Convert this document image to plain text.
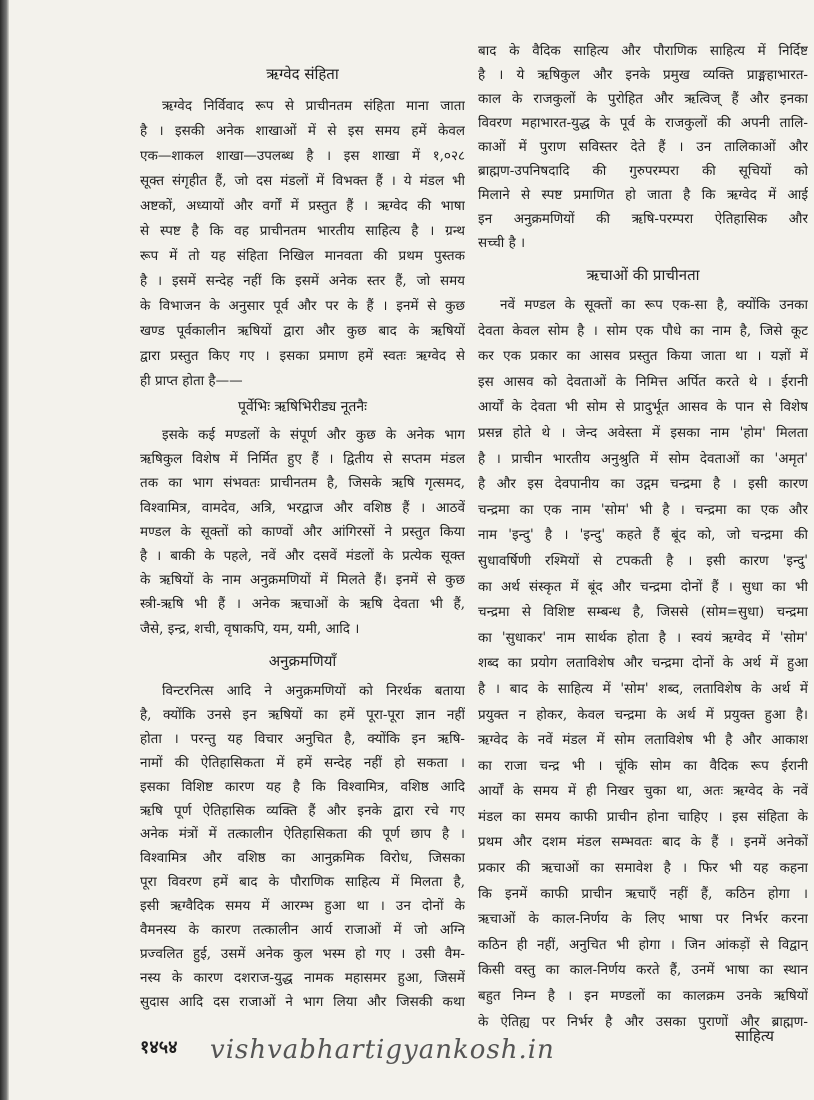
ऋग्वेद संहिता
ऋग्वेद निर्विवाद रूप से प्राचीनतम संहिता माना जाता
है । इसकी अनेक शाखाओं में से इस समय हमें केवल
एक—शाकल शाखा—उपलब्ध है । इस शाखा में १,०२८
सूक्त संगृहीत हैं, जो दस मंडलों में विभक्त हैं । ये मंडल भी
अष्टकों, अध्यायों और वर्गों में प्रस्तुत हैं । ऋग्वेद की भाषा
से स्पष्ट है कि वह प्राचीनतम भारतीय साहित्य है । ग्रन्थ
रूप में तो यह संहिता निखिल मानवता की प्रथम पुस्तक
है । इसमें सन्देह नहीं कि इसमें अनेक स्तर हैं, जो समय
के विभाजन के अनुसार पूर्व और पर के हैं । इनमें से कुछ
खण्ड पूर्वकालीन ऋषियों द्वारा और कुछ बाद के ऋषियों
द्वारा प्रस्तुत किए गए । इसका प्रमाण हमें स्वतः ऋग्वेद से
ही प्राप्त होता है——
पूर्वेभिः ऋषिभिरीड्य नूतनैः
इसके कई मण्डलों के संपूर्ण और कुछ के अनेक भाग
ऋषिकुल विशेष में निर्मित हुए हैं । द्वितीय से सप्तम मंडल
तक का भाग संभवतः प्राचीनतम है, जिसके ऋषि गृत्समद,
विश्वामित्र, वामदेव, अत्रि, भरद्वाज और वशिष्ठ हैं । आठवें
मण्डल के सूक्तों को काण्वों और आंगिरसों ने प्रस्तुत किया
है । बाकी के पहले, नवें और दसवें मंडलों के प्रत्येक सूक्त
के ऋषियों के नाम अनुक्रमणियों में मिलते हैं। इनमें से कुछ
स्त्री-ऋषि भी हैं । अनेक ऋचाओं के ऋषि देवता भी हैं,
जैसे, इन्द्र, शची, वृषाकपि, यम, यमी, आदि ।
अनुक्रमणियाँ
विन्टरनित्स आदि ने अनुक्रमणियों को निरर्थक बताया
है, क्योंकि उनसे इन ऋषियों का हमें पूरा-पूरा ज्ञान नहीं
होता । परन्तु यह विचार अनुचित है, क्योंकि इन ऋषि-
नामों की ऐतिहासिकता में हमें सन्देह नहीं हो सकता ।
इसका विशिष्ट कारण यह है कि विश्वामित्र, वशिष्ठ आदि
ऋषि पूर्ण ऐतिहासिक व्यक्ति हैं और इनके द्वारा रचे गए
अनेक मंत्रों में तत्कालीन ऐतिहासिकता की पूर्ण छाप है ।
विश्वामित्र और वशिष्ठ का आनुक्रमिक विरोध, जिसका
पूरा विवरण हमें बाद के पौराणिक साहित्य में मिलता है,
इसी ऋग्वैदिक समय में आरम्भ हुआ था । उन दोनों के
वैमनस्य के कारण तत्कालीन आर्य राजाओं में जो अग्नि
प्रज्वलित हुई, उसमें अनेक कुल भस्म हो गए । उसी वैम-
नस्य के कारण दशराज-युद्ध नामक महासमर हुआ, जिसमें
सुदास आदि दस राजाओं ने भाग लिया और जिसकी कथा
बाद के वैदिक साहित्य और पौराणिक साहित्य में निर्दिष्ट
है । ये ऋषिकुल और इनके प्रमुख व्यक्ति प्राङ्महाभारत-
काल के राजकुलों के पुरोहित और ऋत्विज् हैं और इनका
विवरण महाभारत-युद्ध के पूर्व के राजकुलों की अपनी तालि-
काओं में पुराण सविस्तर देते हैं । उन तालिकाओं और
ब्राह्मण-उपनिषदादि की गुरुपरम्परा की सूचियों को
मिलाने से स्पष्ट प्रमाणित हो जाता है कि ऋग्वेद में आई
इन अनुक्रमणियों की ऋषि-परम्परा ऐतिहासिक और
सच्ची है ।
ऋचाओं की प्राचीनता
नवें मण्डल के सूक्तों का रूप एक-सा है, क्योंकि उनका
देवता केवल सोम है । सोम एक पौधे का नाम है, जिसे कूट
कर एक प्रकार का आसव प्रस्तुत किया जाता था । यज्ञों में
इस आसव को देवताओं के निमित्त अर्पित करते थे । ईरानी
आर्यों के देवता भी सोम से प्रादुर्भूत आसव के पान से विशेष
प्रसन्न होते थे । जेन्द अवेस्ता में इसका नाम 'होम' मिलता
है । प्राचीन भारतीय अनुश्रुति में सोम देवताओं का 'अमृत'
है और इस देवपानीय का उद्गम चन्द्रमा है । इसी कारण
चन्द्रमा का एक नाम 'सोम' भी है । चन्द्रमा का एक और
नाम 'इन्दु' है । 'इन्दु' कहते हैं बूंद को, जो चन्द्रमा की
सुधावर्षिणी रश्मियों से टपकती है । इसी कारण 'इन्दु'
का अर्थ संस्कृत में बूंद और चन्द्रमा दोनों हैं । सुधा का भी
चन्द्रमा से विशिष्ट सम्बन्ध है, जिससे (सोम=सुधा) चन्द्रमा
का 'सुधाकर' नाम सार्थक होता है । स्वयं ऋग्वेद में 'सोम'
शब्द का प्रयोग लताविशेष और चन्द्रमा दोनों के अर्थ में हुआ
है । बाद के साहित्य में 'सोम' शब्द, लताविशेष के अर्थ में
प्रयुक्त न होकर, केवल चन्द्रमा के अर्थ में प्रयुक्त हुआ है।
ऋग्वेद के नवें मंडल में सोम लताविशेष भी है और आकाश
का राजा चन्द्र भी । चूंकि सोम का वैदिक रूप ईरानी
आर्यों के समय में ही निखर चुका था, अतः ऋग्वेद के नवें
मंडल का समय काफी प्राचीन होना चाहिए । इस संहिता के
प्रथम और दशम मंडल सम्भवतः बाद के हैं । इनमें अनेकों
प्रकार की ऋचाओं का समावेश है । फिर भी यह कहना
कि इनमें काफी प्राचीन ऋचाएँ नहीं हैं, कठिन होगा ।
ऋचाओं के काल-निर्णय के लिए भाषा पर निर्भर करना
कठिन ही नहीं, अनुचित भी होगा । जिन आंकड़ों से विद्वान्
किसी वस्तु का काल-निर्णय करते हैं, उनमें भाषा का स्थान
बहुत निम्न है । इन मण्डलों का कालक्रम उनके ऋषियों
के ऐतिह्य पर निर्भर है और उसका पुराणों और ब्राह्मण-
साहित्य
१४५४ vishvabhartigyankosh.in
